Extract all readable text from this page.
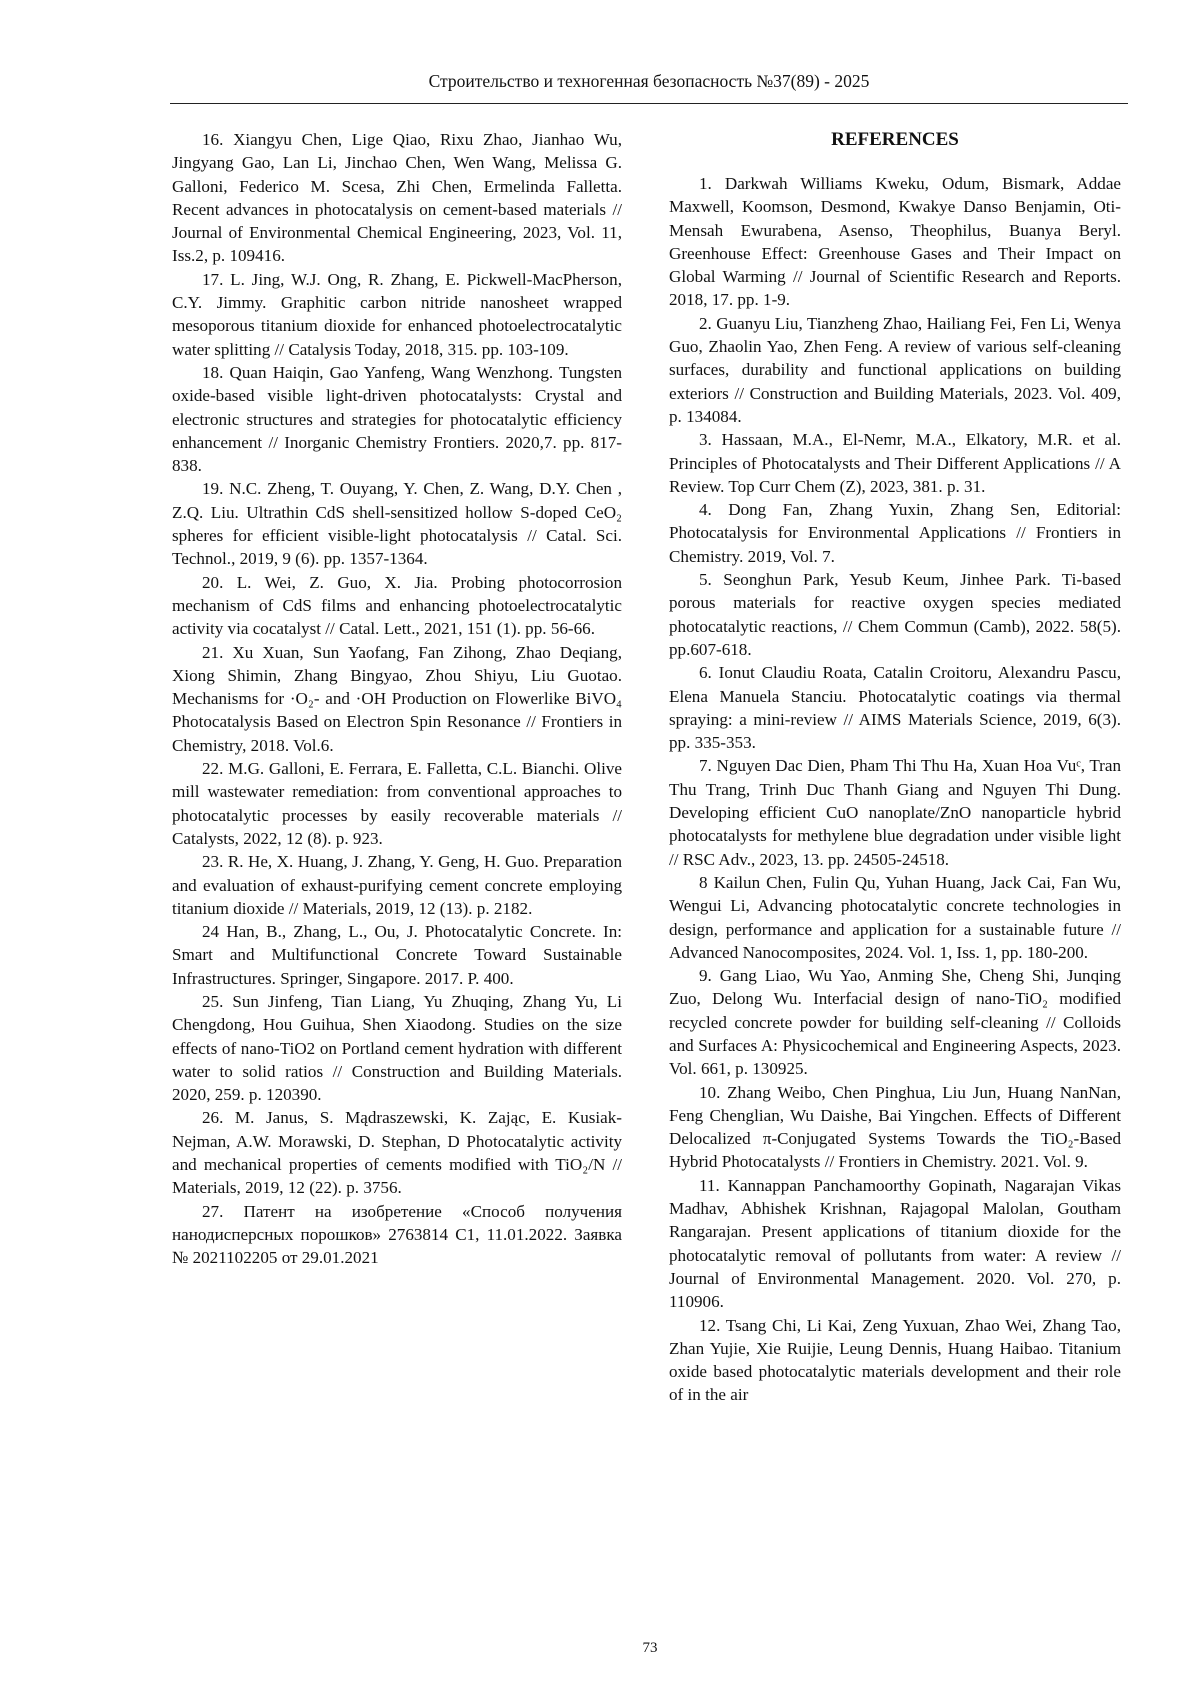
Строительство и техногенная безопасность №37(89) - 2025

16. Xiangyu Chen, Lige Qiao, Rixu Zhao, Jianhao Wu, Jingyang Gao, Lan Li, Jinchao Chen, Wen Wang, Melissa G. Galloni, Federico M. Scesa, Zhi Chen, Ermelinda Falletta. Recent advances in photocatalysis on cement-based materials // Journal of Environmental Chemical Engineering, 2023, Vol. 11, Iss.2, p. 109416.

17. L. Jing, W.J. Ong, R. Zhang, E. Pickwell-MacPherson, C.Y. Jimmy. Graphitic carbon nitride nanosheet wrapped mesoporous titanium dioxide for enhanced photoelectrocatalytic water splitting // Catalysis Today, 2018, 315. pp. 103-109.

18. Quan Haiqin, Gao Yanfeng, Wang Wenzhong. Tungsten oxide-based visible light-driven photocatalysts: Crystal and electronic structures and strategies for photocatalytic efficiency enhancement // Inorganic Chemistry Frontiers. 2020,7. pp. 817-838.

19. N.C. Zheng, T. Ouyang, Y. Chen, Z. Wang, D.Y. Chen , Z.Q. Liu. Ultrathin CdS shell-sensitized hollow S-doped CeO₂ spheres for efficient visible-light photocatalysis // Catal. Sci. Technol., 2019, 9 (6). pp. 1357-1364.

20. L. Wei, Z. Guo, X. Jia. Probing photocorrosion mechanism of CdS films and enhancing photoelectrocatalytic activity via cocatalyst // Catal. Lett., 2021, 151 (1). pp. 56-66.

21. Xu Xuan, Sun Yaofang, Fan Zihong, Zhao Deqiang, Xiong Shimin, Zhang Bingyao, Zhou Shiyu, Liu Guotao. Mechanisms for ·O₂- and ·OH Production on Flowerlike BiVO₄ Photocatalysis Based on Electron Spin Resonance // Frontiers in Chemistry, 2018. Vol.6.

22. M.G. Galloni, E. Ferrara, E. Falletta, C.L. Bianchi. Olive mill wastewater remediation: from conventional approaches to photocatalytic processes by easily recoverable materials // Catalysts, 2022, 12 (8). p. 923.

23. R. He, X. Huang, J. Zhang, Y. Geng, H. Guo. Preparation and evaluation of exhaust-purifying cement concrete employing titanium dioxide // Materials, 2019, 12 (13). p. 2182.

24 Han, B., Zhang, L., Ou, J. Photocatalytic Concrete. In: Smart and Multifunctional Concrete Toward Sustainable Infrastructures. Springer, Singapore. 2017. P. 400.

25. Sun Jinfeng, Tian Liang, Yu Zhuqing, Zhang Yu, Li Chengdong, Hou Guihua, Shen Xiaodong. Studies on the size effects of nano-TiO2 on Portland cement hydration with different water to solid ratios // Construction and Building Materials. 2020, 259. p. 120390.

26. M. Janus, S. Mądraszewski, K. Zając, E. Kusiak-Nejman, A.W. Morawski, D. Stephan, D Photocatalytic activity and mechanical properties of cements modified with TiO₂/N // Materials, 2019, 12 (22). p. 3756.

27. Патент на изобретение «Способ получения нанодисперсных порошков» 2763814 C1, 11.01.2022. Заявка № 2021102205 от 29.01.2021

REFERENCES

1. Darkwah Williams Kweku, Odum, Bismark, Addae Maxwell, Koomson, Desmond, Kwakye Danso Benjamin, Oti-Mensah Ewurabena, Asenso, Theophilus, Buanya Beryl. Greenhouse Effect: Greenhouse Gases and Their Impact on Global Warming // Journal of Scientific Research and Reports. 2018, 17. pp. 1-9.

2. Guanyu Liu, Tianzheng Zhao, Hailiang Fei, Fen Li, Wenya Guo, Zhaolin Yao, Zhen Feng. A review of various self-cleaning surfaces, durability and functional applications on building exteriors // Construction and Building Materials, 2023. Vol. 409, p. 134084.

3. Hassaan, M.A., El-Nemr, M.A., Elkatory, M.R. et al. Principles of Photocatalysts and Their Different Applications // A Review. Top Curr Chem (Z), 2023, 381. p. 31.

4. Dong Fan, Zhang Yuxin, Zhang Sen, Editorial: Photocatalysis for Environmental Applications // Frontiers in Chemistry. 2019, Vol. 7.

5. Seonghun Park, Yesub Keum, Jinhee Park. Ti-based porous materials for reactive oxygen species mediated photocatalytic reactions, // Chem Commun (Camb), 2022. 58(5). pp.607-618.

6. Ionut Claudiu Roata, Catalin Croitoru, Alexandru Pascu, Elena Manuela Stanciu. Photocatalytic coatings via thermal spraying: a mini-review // AIMS Materials Science, 2019, 6(3). pp. 335-353.

7. Nguyen Dac Dien, Pham Thi Thu Ha, Xuan Hoa Vuᶜ, Tran Thu Trang, Trinh Duc Thanh Giang and Nguyen Thi Dung. Developing efficient CuO nanoplate/ZnO nanoparticle hybrid photocatalysts for methylene blue degradation under visible light // RSC Adv., 2023, 13. pp. 24505-24518.

8 Kailun Chen, Fulin Qu, Yuhan Huang, Jack Cai, Fan Wu, Wengui Li, Advancing photocatalytic concrete technologies in design, performance and application for a sustainable future // Advanced Nanocomposites, 2024. Vol. 1, Iss. 1, pp. 180-200.

9. Gang Liao, Wu Yao, Anming She, Cheng Shi, Junqing Zuo, Delong Wu. Interfacial design of nano-TiO₂ modified recycled concrete powder for building self-cleaning // Colloids and Surfaces A: Physicochemical and Engineering Aspects, 2023. Vol. 661, p. 130925.

10. Zhang Weibo, Chen Pinghua, Liu Jun, Huang NanNan, Feng Chenglian, Wu Daishe, Bai Yingchen. Effects of Different Delocalized π-Conjugated Systems Towards the TiO₂-Based Hybrid Photocatalysts // Frontiers in Chemistry. 2021. Vol. 9.

11. Kannappan Panchamoorthy Gopinath, Nagarajan Vikas Madhav, Abhishek Krishnan, Rajagopal Malolan, Goutham Rangarajan. Present applications of titanium dioxide for the photocatalytic removal of pollutants from water: A review // Journal of Environmental Management. 2020. Vol. 270, p. 110906.

12. Tsang Chi, Li Kai, Zeng Yuxuan, Zhao Wei, Zhang Tao, Zhan Yujie, Xie Ruijie, Leung Dennis, Huang Haibao. Titanium oxide based photocatalytic materials development and their role of in the air

73
